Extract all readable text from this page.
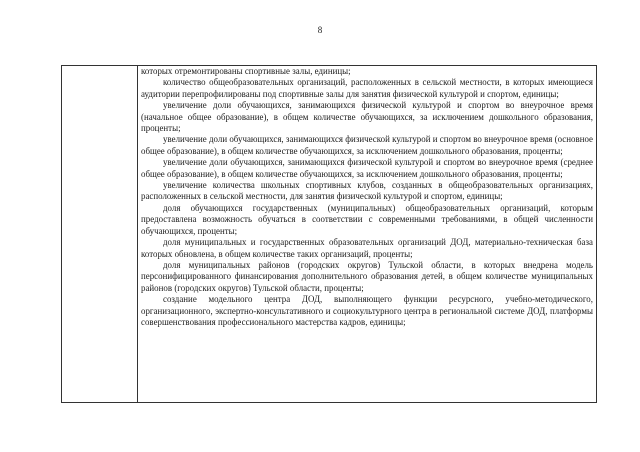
8

которых отремонтированы спортивные залы, единицы;

количество общеобразовательных организаций, расположенных в сельской местности, в которых имеющиеся аудитории перепрофилированы под спортивные залы для занятия физической культурой и спортом, единицы;

увеличение доли обучающихся, занимающихся физической культурой и спортом во внеурочное время (начальное общее образование), в общем количестве обучающихся, за исключением дошкольного образования, проценты;

увеличение доли обучающихся, занимающихся физической культурой и спортом во внеурочное время (основное общее образование), в общем количестве обучающихся, за исключением дошкольного образования, проценты;

увеличение доли обучающихся, занимающихся физической культурой и спортом во внеурочное время (среднее общее образование), в общем количестве обучающихся, за исключением дошкольного образования, проценты;

увеличение количества школьных спортивных клубов, созданных в общеобразовательных организациях, расположенных в сельской местности, для занятия физической культурой и спортом, единицы;

доля обучающихся государственных (муниципальных) общеобразовательных организаций, которым предоставлена возможность обучаться в соответствии с современными требованиями, в общей численности обучающихся, проценты;

доля муниципальных и государственных образовательных организаций ДОД, материально-техническая база которых обновлена, в общем количестве таких организаций, проценты;

доля муниципальных районов (городских округов) Тульской области, в которых внедрена модель персонифицированного финансирования дополнительного образования детей, в общем количестве муниципальных районов (городских округов) Тульской области, проценты;

создание модельного центра ДОД, выполняющего функции ресурсного, учебно-методического, организационного, экспертно-консультативного и социокультурного центра в региональной системе ДОД, платформы совершенствования профессионального мастерства кадров, единицы;
